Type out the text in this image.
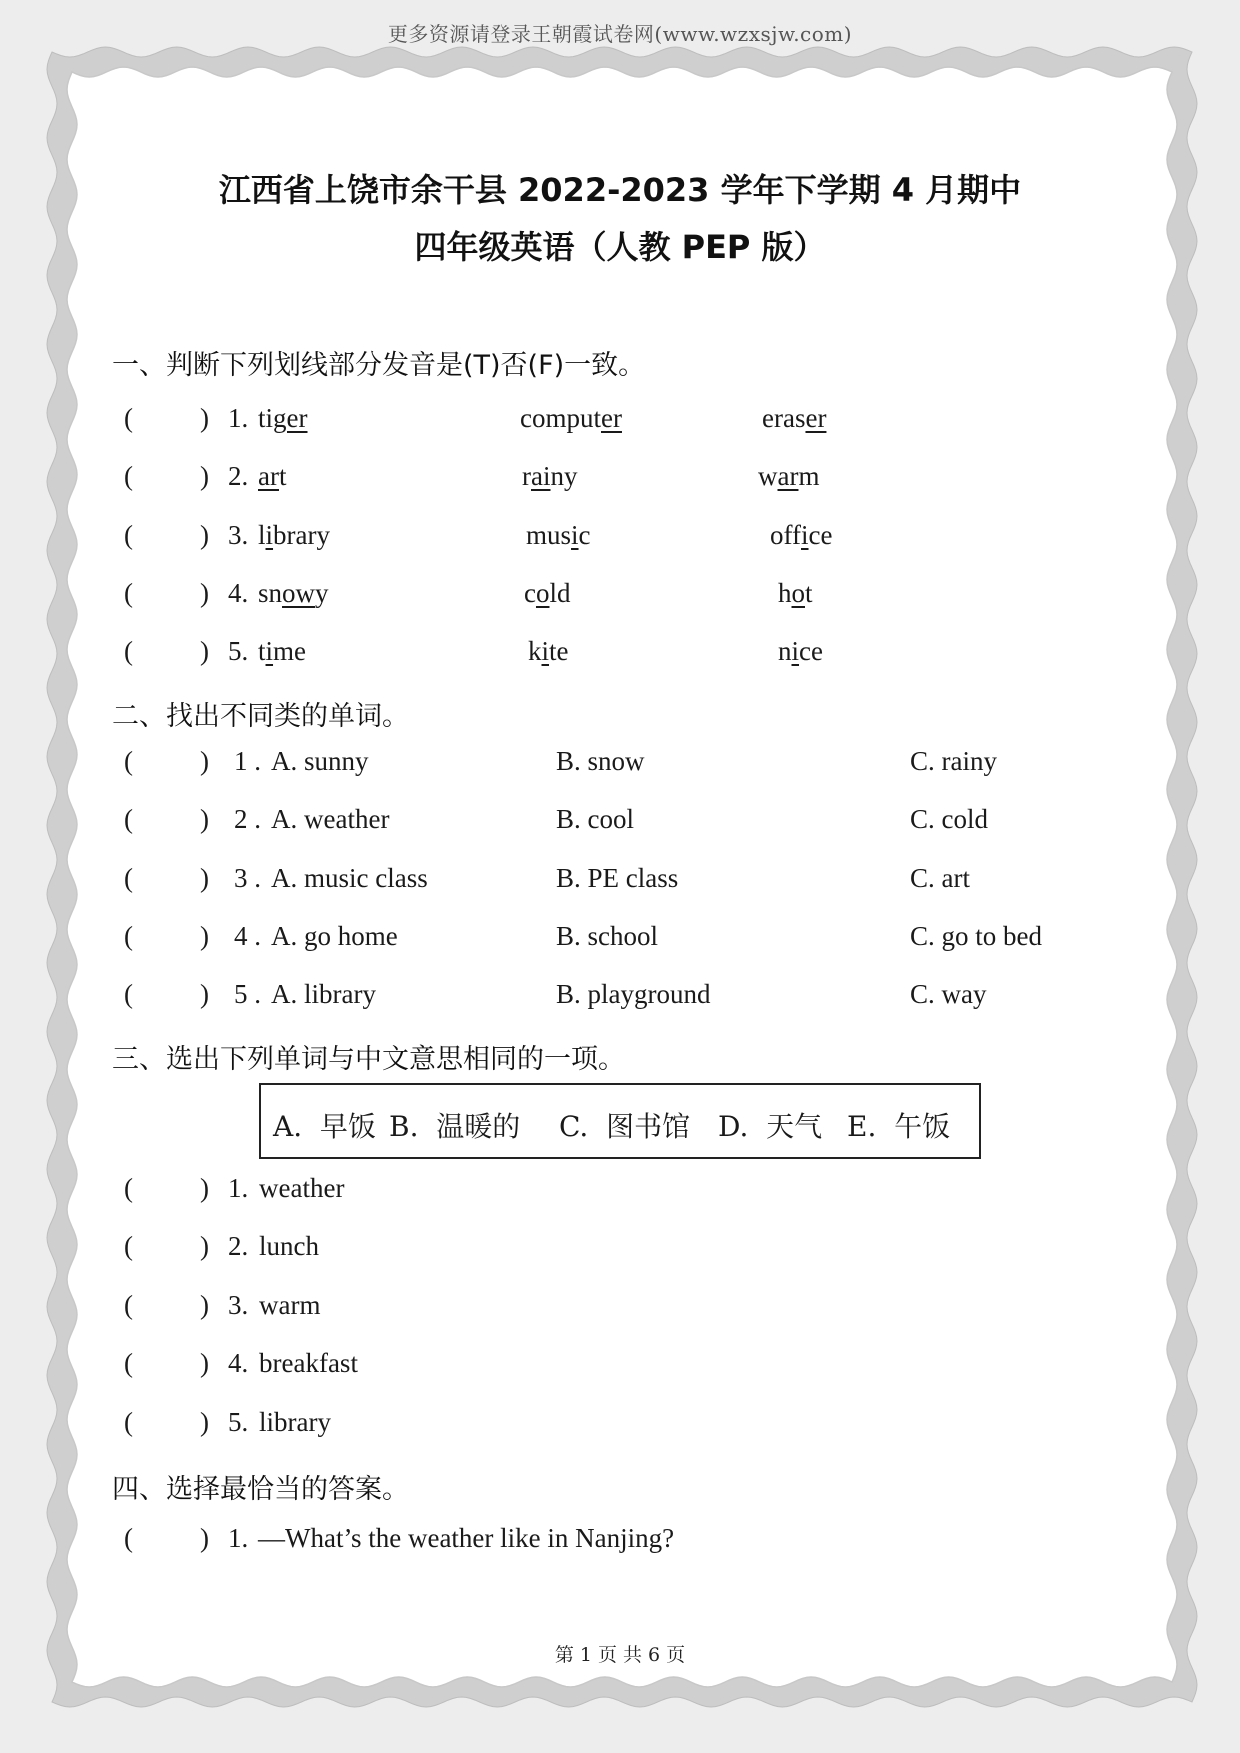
更多资源请登录王朝霞试卷网(www.wzxsjw.com)
江西省上饶市余干县 2022-2023 学年下学期 4 月期中
四年级英语（人教 PEP 版）
一、判断下列划线部分发音是(T)否(F)一致。
( ) 1. tiger	computer	eraser
( ) 2. art	rainy	warm
( ) 3. library	music	office
( ) 4. snowy	cold	hot
( ) 5. time	kite	nice
二、找出不同类的单词。
( ) 1 . A. sunny	B. snow	C. rainy
( ) 2 . A. weather	B. cool	C. cold
( ) 3 . A. music class	B. PE class	C. art
( ) 4 . A. go home	B. school	C. go to bed
( ) 5 . A. library	B. playground	C. way
三、选出下列单词与中文意思相同的一项。
A.  早饭 B.  温暖的 C.  图书馆 D.  天气 E.  午饭
( ) 1. weather
( ) 2. lunch
( ) 3. warm
( ) 4. breakfast
( ) 5. library
四、选择最恰当的答案。
( ) 1. —What’s the weather like in Nanjing?
第 1 页 共 6 页
